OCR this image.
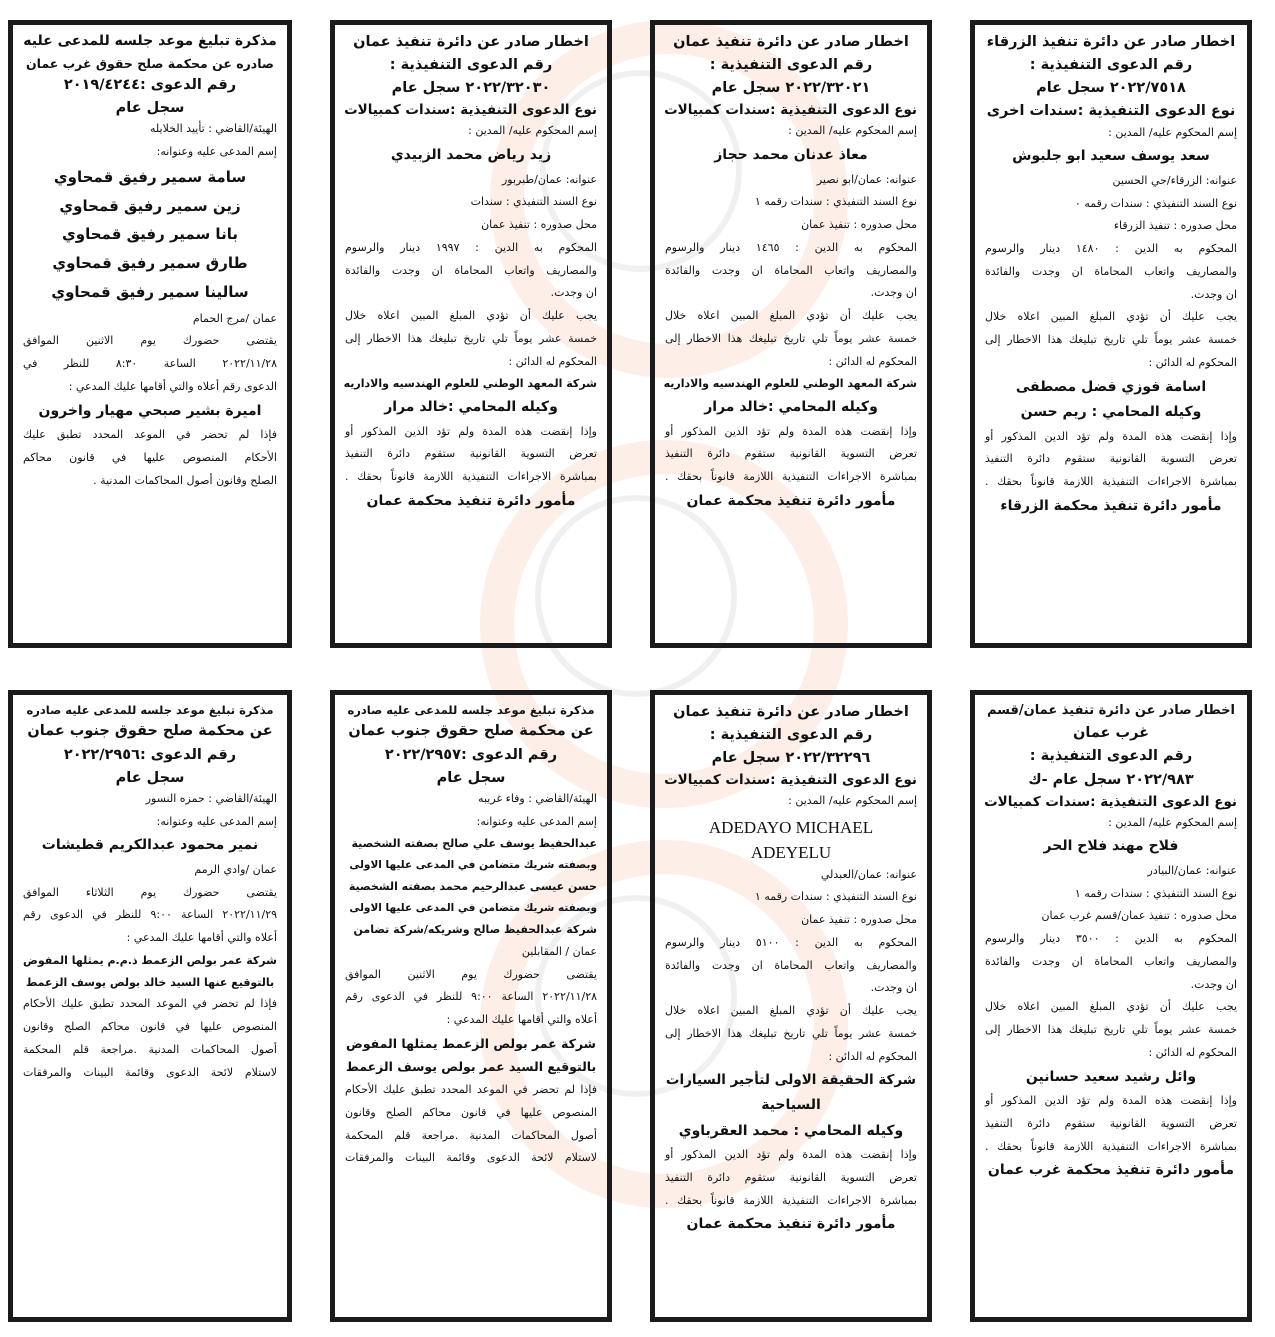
اخطار صادر عن دائرة تنفيذ الزرقاء

رقم الدعوى التنفيذية :

٢٠٢٢/٧٥١٨ سجل عام

نوع الدعوى التنفيذية :سندات اخرى

إسم المحكوم عليه/ المدين :

سعد يوسف سعيد ابو جلبوش

عنوانه: الزرقاء/حي الحسين

نوع السند التنفيذي : سندات رقمه ٠

محل صدوره : تنفيذ الزرقاء

المحكوم به الدين : ١٤٨٠ دينار والرسوم

والمصاريف واتعاب المحاماة ان وجدت والفائدة

ان وجدت.

يجب عليك أن تؤدي المبلغ المبين اعلاه خلال

خمسة عشر يوماً تلي تاريخ تبليغك هذا الاخطار إلى

المحكوم له الدائن :

اسامة فوزي فضل مصطفى

وكيله المحامي : ريم حسن

وإذا إنقضت هذه المدة ولم تؤد الدين المذكور أو

تعرض التسوية القانونية ستقوم دائرة التنفيذ

بمباشرة الاجراءات التنفيذية اللازمة قانوناً بحقك .

مأمور دائرة تنفيذ محكمة الزرقاء

اخطار صادر عن دائرة تنفيذ عمان

رقم الدعوى التنفيذية :

٢٠٢٢/٣٢٠٢١ سجل عام

نوع الدعوى التنفيذية :سندات كمبيالات

إسم المحكوم عليه/ المدين :

معاذ عدنان محمد حجاز

عنوانه: عمان/ابو نصير

نوع السند التنفيذي : سندات رقمه ١

محل صدوره : تنفيذ عمان

المحكوم به الدين : ١٤٦٥ دينار والرسوم

والمصاريف واتعاب المحاماة ان وجدت والفائدة

ان وجدت.

يجب عليك أن تؤدي المبلغ المبين اعلاه خلال

خمسة عشر يوماً تلي تاريخ تبليغك هذا الاخطار إلى

المحكوم له الدائن :

شركة المعهد الوطني للعلوم الهندسيه والاداريه

وكيله المحامي :خالد مرار

وإذا إنقضت هذه المدة ولم تؤد الدين المذكور أو

تعرض التسوية القانونية ستقوم دائرة التنفيذ

بمباشرة الاجراءات التنفيذية اللازمة قانوناً بحقك .

مأمور دائرة تنفيذ محكمة عمان

اخطار صادر عن دائرة تنفيذ عمان

رقم الدعوى التنفيذية :

٢٠٢٢/٣٢٠٣٠ سجل عام

نوع الدعوى التنفيذية :سندات كمبيالات

إسم المحكوم عليه/ المدين :

زيد رياض محمد الزبيدي

عنوانه: عمان/طبربور

نوع السند التنفيذي : سندات

محل صدوره : تنفيذ عمان

المحكوم به الدين : ١٩٩٧ دينار والرسوم

والمصاريف واتعاب المحاماة ان وجدت والفائدة

ان وجدت.

يجب عليك أن تؤدي المبلغ المبين اعلاه خلال

خمسة عشر يوماً تلي تاريخ تبليغك هذا الاخطار إلى

المحكوم له الدائن :

شركة المعهد الوطني للعلوم الهندسيه والاداريه

وكيله المحامي :خالد مرار

وإذا إنقضت هذه المدة ولم تؤد الدين المذكور أو

تعرض التسوية القانونية ستقوم دائرة التنفيذ

بمباشرة الاجراءات التنفيذية اللازمة قانوناً بحقك .

مأمور دائرة تنفيذ محكمة عمان

مذكرة تبليغ موعد جلسه للمدعى عليه

صادره عن محكمة صلح حقوق غرب عمان

رقم الدعوى :٢٠١٩/٤٢٤٤

سجل عام

الهيئة/القاضي : تأييد الخلايله

إسم المدعى عليه وعنوانه:

سامة سمير رفيق قمحاوي

زين سمير رفيق قمحاوي

بانا سمير رفيق قمحاوي

طارق سمير رفيق قمحاوي

سالينا سمير رفيق قمحاوي

عمان /مرج الحمام

يقتضى حضورك يوم الاثنين الموافق

٢٠٢٢/١١/٢٨ الساعة ٨:٣٠ للنظر في

الدعوى رقم أعلاه والتي أقامها عليك المدعي :

اميرة بشير صبحي مهيار واخرون

فإذا لم تحضر في الموعد المحدد تطبق عليك

الأحكام المنصوص عليها في قانون محاكم

الصلح وقانون أصول المحاكمات المدنية .

اخطار صادر عن دائرة تنفيذ عمان/قسم

غرب عمان

رقم الدعوى التنفيذية :

٢٠٢٢/٩٨٣ سجل عام -ك

نوع الدعوى التنفيذية :سندات كمبيالات

إسم المحكوم عليه/ المدين :

فلاح مهند فلاح الحر

عنوانه: عمان/البيادر

نوع السند التنفيذي : سندات رقمه ١

محل صدوره : تنفيذ عمان/قسم غرب عمان

المحكوم به الدين : ٣٥٠٠ دينار والرسوم

والمصاريف واتعاب المحاماة ان وجدت والفائدة

ان وجدت.

يجب عليك أن تؤدي المبلغ المبين اعلاه خلال

خمسة عشر يوماً تلي تاريخ تبليغك هذا الاخطار إلى

المحكوم له الدائن :

وائل رشيد سعيد حسانين

وإذا إنقضت هذه المدة ولم تؤد الدين المذكور أو

تعرض التسوية القانونية ستقوم دائرة التنفيذ

بمباشرة الاجراءات التنفيذية اللازمة قانوناً بحقك .

مأمور دائرة تنفيذ محكمة غرب عمان

اخطار صادر عن دائرة تنفيذ عمان

رقم الدعوى التنفيذية :

٢٠٢٢/٣٢٢٩٦ سجل عام

نوع الدعوى التنفيذية :سندات كمبيالات

إسم المحكوم عليه/ المدين :

ADEDAYO MICHAEL

ADEYELU

عنوانه: عمان/العبدلي

نوع السند التنفيذي : سندات رقمه ١

محل صدوره : تنفيذ عمان

المحكوم به الدين : ٥١٠٠ دينار والرسوم

والمصاريف واتعاب المحاماة ان وجدت والفائدة

ان وجدت.

يجب عليك أن تؤدي المبلغ المبين اعلاه خلال

خمسة عشر يوماً تلي تاريخ تبليغك هذا الاخطار إلى

المحكوم له الدائن :

شركة الحقيقة الاولى لتأجير السيارات

السياحية

وكيله المحامي : محمد العقرباوي

وإذا إنقضت هذه المدة ولم تؤد الدين المذكور أو

تعرض التسوية القانونية ستقوم دائرة التنفيذ

بمباشرة الاجراءات التنفيذية اللازمة قانوناً بحقك .

مأمور دائرة تنفيذ محكمة عمان

مذكرة تبليغ موعد جلسه للمدعى عليه صادره

عن محكمة صلح حقوق جنوب عمان

رقم الدعوى :٢٠٢٢/٢٩٥٧

سجل عام

الهيئة/القاضي : وفاء غريبه

إسم المدعى عليه وعنوانه:

عبدالحفيظ يوسف علي صالح بصفته الشخصية

وبصفته شريك متضامن في المدعى عليها الاولى

حسن عيسى عبدالرحيم محمد بصفته الشخصية

وبصفته شريك متضامن في المدعى عليها الاولى

شركة عبدالحفيظ صالح وشريكه/شركة تضامن

عمان / المقابلين

يقتضى حضورك يوم الاثنين الموافق

٢٠٢٢/١١/٢٨ الساعة ٩:٠٠ للنظر في الدعوى رقم

أعلاه والتي أقامها عليك المدعي :

شركة عمر بولص الزعمط يمثلها المفوض

بالتوقيع السيد عمر بولص يوسف الزعمط

فإذا لم تحضر في الموعد المحدد تطبق عليك الأحكام

المنصوص عليها في قانون محاكم الصلح وقانون

أصول المحاكمات المدنية .مراجعة قلم المحكمة

لاستلام لائحة الدعوى وقائمة البينات والمرفقات

مذكرة تبليغ موعد جلسه للمدعى عليه صادره

عن محكمة صلح حقوق جنوب عمان

رقم الدعوى :٢٠٢٢/٢٩٥٦

سجل عام

الهيئة/القاضي : حمزه النسور

إسم المدعى عليه وعنوانه:

نمير محمود عبدالكريم قطيشات

عمان /وادي الرمم

يقتضى حضورك يوم الثلاثاء الموافق

٢٠٢٢/١١/٢٩ الساعة ٩:٠٠ للنظر في الدعوى رقم

أعلاه والتي أقامها عليك المدعي :

شركة عمر بولص الزعمط ذ.م.م يمثلها المفوض

بالتوقيع عنها السيد خالد بولص يوسف الزعمط

فإذا لم تحضر في الموعد المحدد تطبق عليك الأحكام

المنصوص عليها في قانون محاكم الصلح وقانون

أصول المحاكمات المدنية .مراجعة قلم المحكمة

لاستلام لائحة الدعوى وقائمة البينات والمرفقات
